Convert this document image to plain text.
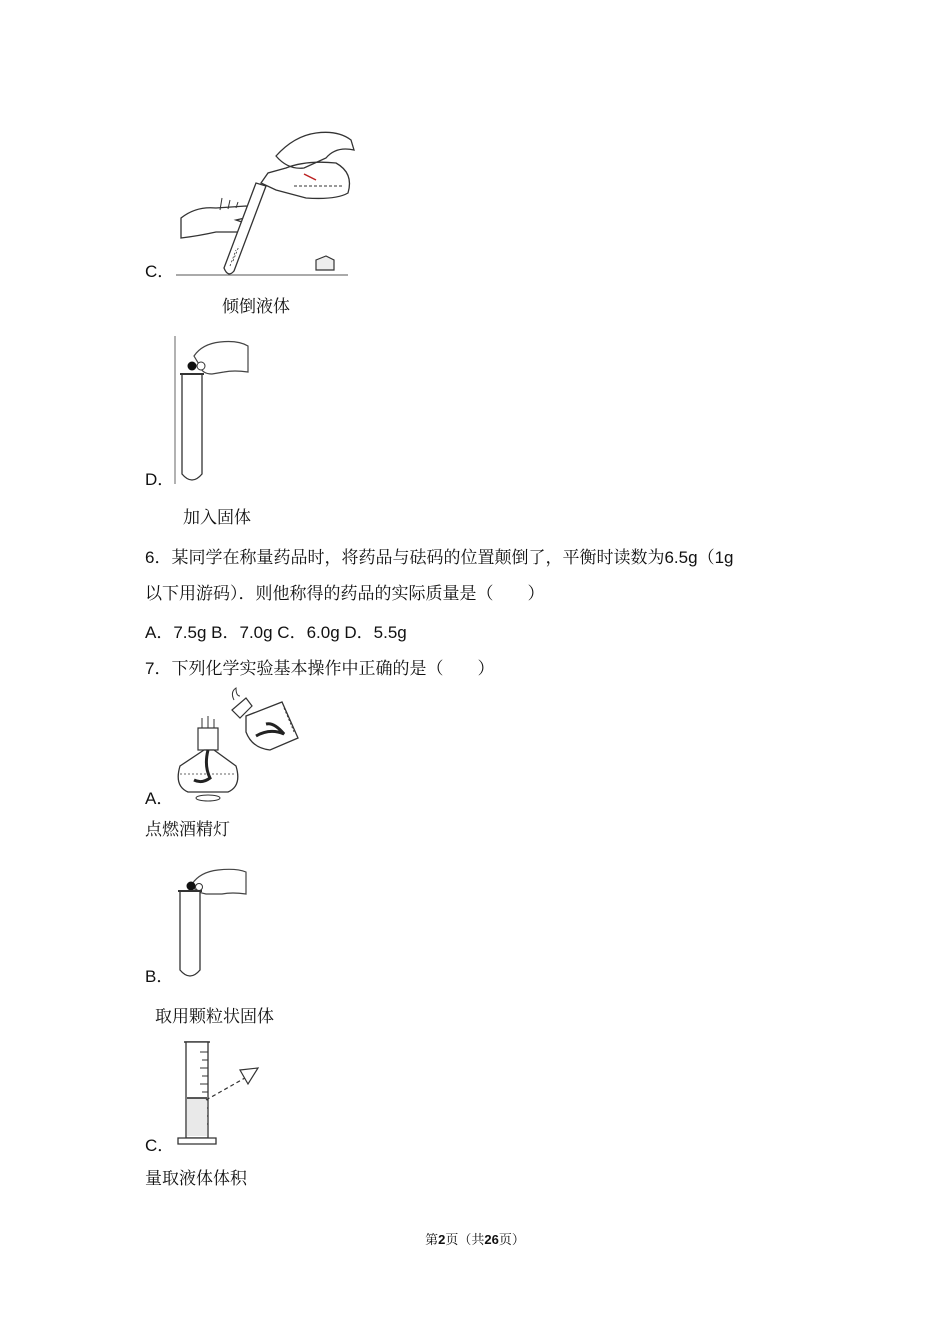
C．
倾倒液体
D．
加入固体
6．某同学在称量药品时，将药品与砝码的位置颠倒了，平衡时读数为6.5g（1g
以下用游码）．则他称得的药品的实际质量是（　　）
A．7.5g B．7.0g C．6.0g D．5.5g
7．下列化学实验基本操作中正确的是（　　）
A．
点燃酒精灯
B．
取用颗粒状固体
C．
量取液体体积
第2页（共26页）
